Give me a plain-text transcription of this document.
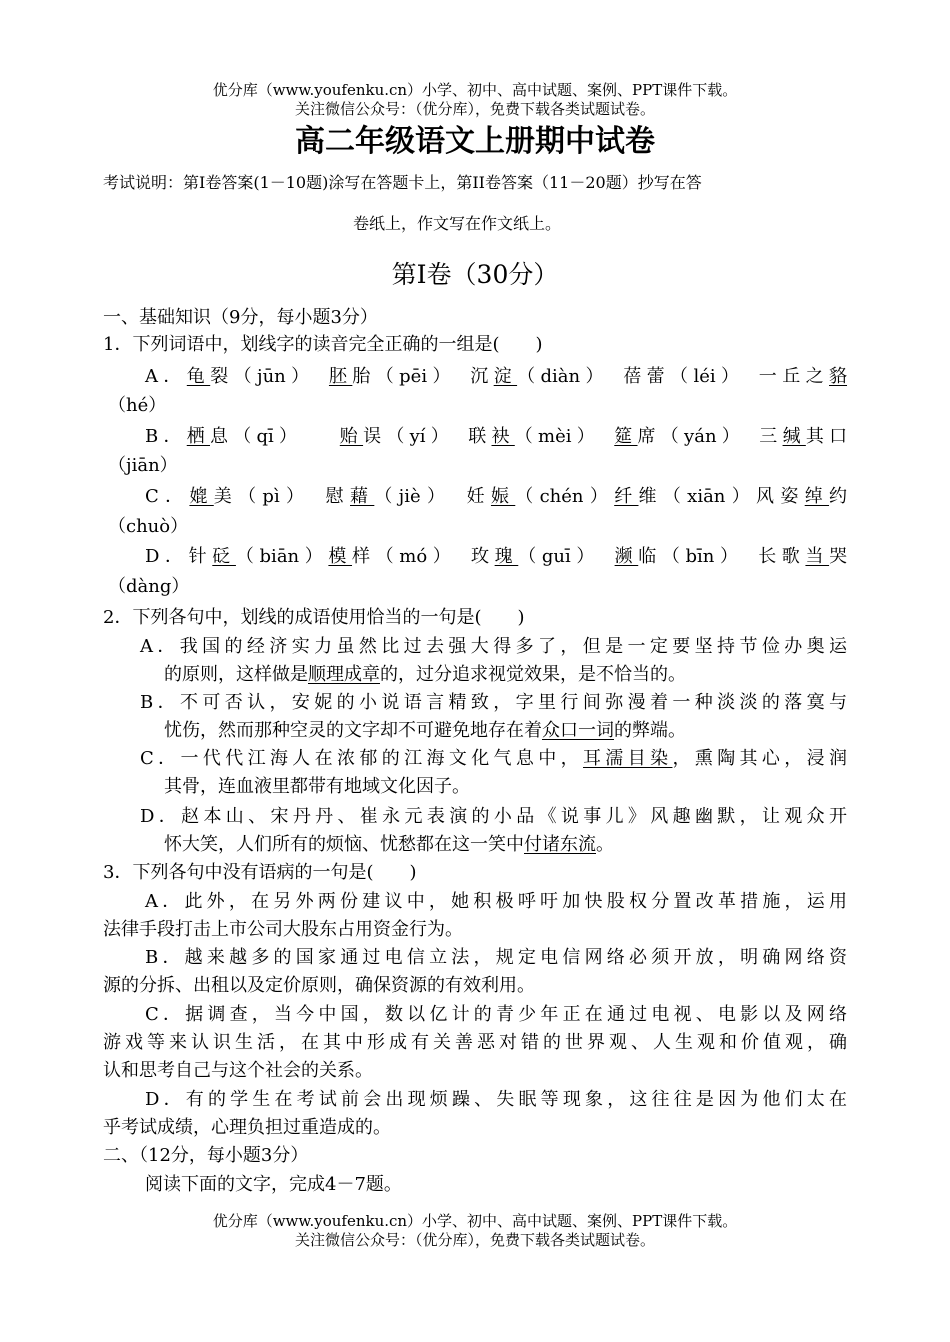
优分库（www.youfenku.cn）小学、初中、高中试题、案例、PPT课件下载。
关注微信公众号：（优分库），免费下载各类试题试卷。
高二年级语文上册期中试卷
考试说明：第Ⅰ卷答案(1－10题)涂写在答题卡上，第II卷答案（11－20题）抄写在答
卷纸上，作文写在作文纸上。
第Ⅰ卷（30分）
一、基础知识（9分，每小题3分）
1．下列词语中，划线字的读音完全正确的一组是(　　)
A．龟裂（jūn）　胚胎（pēi）　沉淀（diàn）　蓓蕾（léi）　一丘之貉
（hé）
B．栖息（qī）　　贻误（yí）　联袂（mèi）　筵席（yán）　三缄其口
（jiān）
C．媲美（pì）　慰藉（jiè）　妊娠（chén）纤维（xiān）风姿绰约
（chuò）
D．针砭（biān）模样（mó）　玫瑰（guī）　濒临（bīn）　长歌当哭
（dàng）
2．下列各句中，划线的成语使用恰当的一句是(　　)
A．我国的经济实力虽然比过去强大得多了，但是一定要坚持节俭办奥运
的原则，这样做是顺理成章的，过分追求视觉效果，是不恰当的。
B．不可否认，安妮的小说语言精致，字里行间弥漫着一种淡淡的落寞与
忧伤，然而那种空灵的文字却不可避免地存在着众口一词的弊端。
C．一代代江海人在浓郁的江海文化气息中，耳濡目染，熏陶其心，浸润
其骨，连血液里都带有地域文化因子。
D．赵本山、宋丹丹、崔永元表演的小品《说事儿》风趣幽默，让观众开
怀大笑，人们所有的烦恼、忧愁都在这一笑中付诸东流。
3．下列各句中没有语病的一句是(　　)
A．此外，在另外两份建议中，她积极呼吁加快股权分置改革措施，运用
法律手段打击上市公司大股东占用资金行为。
B．越来越多的国家通过电信立法，规定电信网络必须开放，明确网络资
源的分拆、出租以及定价原则，确保资源的有效利用。
C．据调查，当今中国，数以亿计的青少年正在通过电视、电影以及网络
游戏等来认识生活，在其中形成有关善恶对错的世界观、人生观和价值观，确
认和思考自己与这个社会的关系。
D．有的学生在考试前会出现烦躁、失眠等现象，这往往是因为他们太在
乎考试成绩，心理负担过重造成的。
二、（12分，每小题3分）
阅读下面的文字，完成4－7题。
优分库（www.youfenku.cn）小学、初中、高中试题、案例、PPT课件下载。
关注微信公众号：（优分库），免费下载各类试题试卷。
